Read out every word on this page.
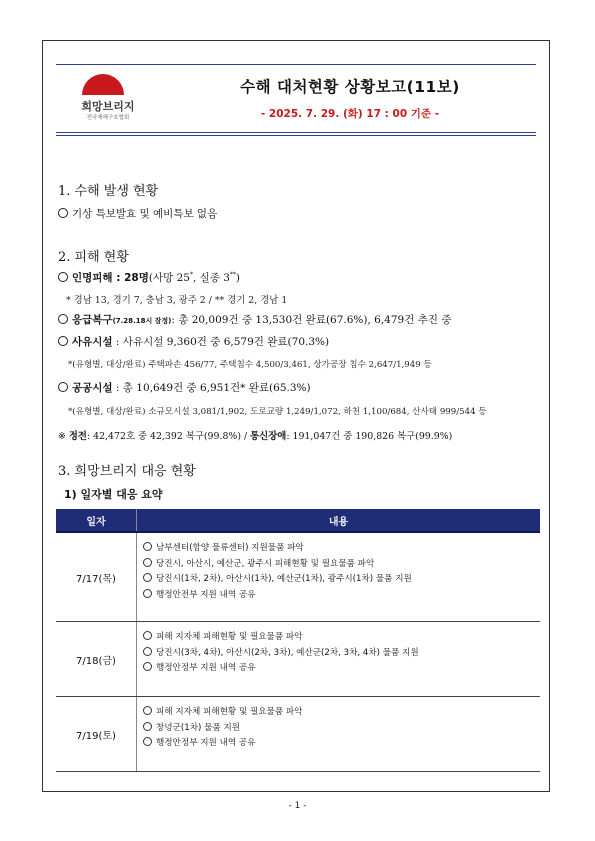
희망브리지
전국재해구호협회
수해 대처현황 상황보고(11보)
- 2025. 7. 29. (화) 17 : 00 기준 -
1. 수해 발생 현황
기상 특보발효 및 예비특보 없음
2. 피해 현황
인명피해 : 28명(사망 25*, 실종 3**)
* 경남 13, 경기 7, 충남 3, 광주 2 / ** 경기 2, 경남 1
응급복구(7.28.18시 잠정): 총 20,009건 중 13,530건 완료(67.6%), 6,479건 추진 중
사유시설 : 사유시설 9,360건 중 6,579건 완료(70.3%)
*(유형별, 대상/완료) 주택파손 456/77, 주택침수 4,500/3,461, 상가공장 침수 2,647/1,949 등
공공시설 : 총 10,649건 중 6,951건* 완료(65.3%)
*(유형별, 대상/완료) 소규모시설 3,081/1,902, 도로교량 1,249/1,072, 하천 1,100/684, 산사태 999/544 등
※ 정전: 42,472호 중 42,392 복구(99.8%) / 통신장애: 191,047건 중 190,826 복구(99.9%)
3. 희망브리지 대응 현황
1) 일자별 대응 요약
일자	내용
7/17(목)
남부센터(함양 물류센터) 지원물품 파악
당진시, 아산시, 예산군, 광주시 피해현황 및 필요물품 파악
당진시(1차, 2차), 아산시(1차), 예산군(1차), 광주시(1차) 물품 지원
행정안전부 지원 내역 공유
7/18(금)
피해 지자체 피해현황 및 필요물품 파악
당진시(3차, 4차), 아산시(2차, 3차), 예산군(2차, 3차, 4차) 물품 지원
행정안정부 지원 내역 공유
7/19(토)
피해 지자체 피해현황 및 필요물품 파악
창녕군(1차) 물품 지원
행정안정부 지원 내역 공유
- 1 -
